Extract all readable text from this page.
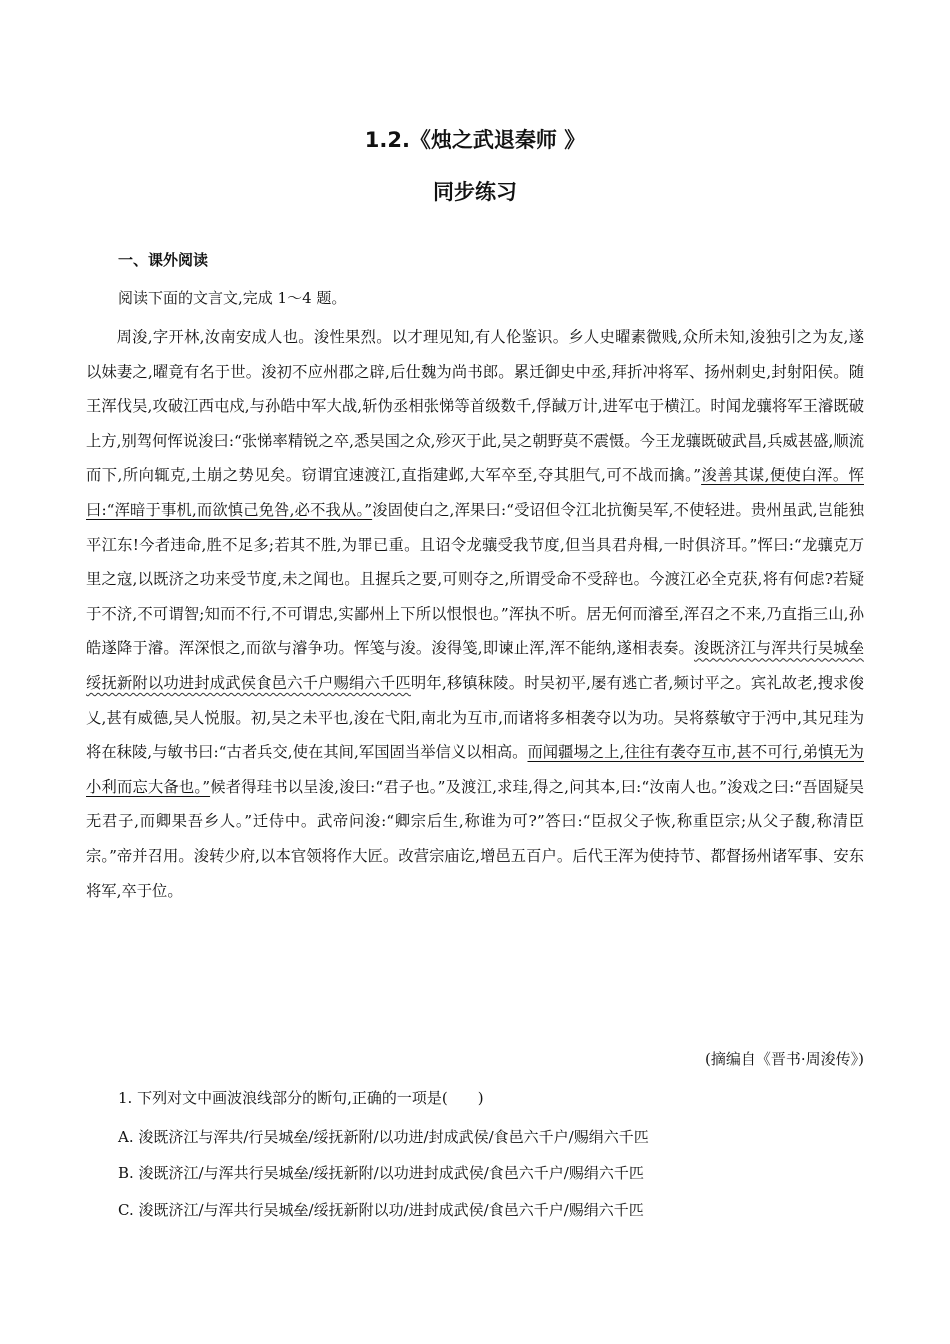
1.2.《烛之武退秦师 》
同步练习
一、课外阅读
阅读下面的文言文,完成 1～4 题。

周浚,字开林,汝南安成人也。浚性果烈。以才理见知,有人伦鉴识。乡人史曜素微贱,众所未知,浚独引之为友,遂以妹妻之,曜竟有名于世。浚初不应州郡之辟,后仕魏为尚书郎。累迁御史中丞,拜折冲将军、扬州刺史,封射阳侯。随王浑伐吴,攻破江西屯戍,与孙皓中军大战,斩伪丞相张悌等首级数千,俘馘万计,进军屯于横江。时闻龙骧将军王濬既破上方,别驾何恽说浚曰:“张悌率精锐之卒,悉吴国之众,殄灭于此,吴之朝野莫不震慑。今王龙骧既破武昌,兵威甚盛,顺流而下,所向辄克,土崩之势见矣。窃谓宜速渡江,直指建邺,大军卒至,夺其胆气,可不战而擒。”浚善其谋,便使白浑。恽曰:“浑暗于事机,而欲慎己免咎,必不我从。”浚固使白之,浑果曰:“受诏但令江北抗衡吴军,不使轻进。贵州虽武,岂能独平江东!今者违命,胜不足多;若其不胜,为罪已重。且诏令龙骧受我节度,但当具君舟楫,一时俱济耳。”恽曰:“龙骧克万里之寇,以既济之功来受节度,未之闻也。且握兵之要,可则夺之,所谓受命不受辞也。今渡江必全克获,将有何虑?若疑于不济,不可谓智;知而不行,不可谓忠,实鄙州上下所以恨恨也。”浑执不听。居无何而濬至,浑召之不来,乃直指三山,孙皓遂降于濬。浑深恨之,而欲与濬争功。恽笺与浚。浚得笺,即谏止浑,浑不能纳,遂相表奏。浚既济江与浑共行吴城垒绥抚新附以功进封成武侯食邑六千户赐绢六千匹明年,移镇秣陵。时吴初平,屡有逃亡者,频讨平之。宾礼故老,搜求俊乂,甚有威德,吴人悦服。初,吴之未平也,浚在弋阳,南北为互市,而诸将多相袭夺以为功。吴将蔡敏守于沔中,其兄珪为将在秣陵,与敏书曰:“古者兵交,使在其间,军国固当举信义以相高。而闻疆埸之上,往往有袭夺互市,甚不可行,弟慎无为小利而忘大备也。”候者得珪书以呈浚,浚曰:“君子也。”及渡江,求珪,得之,问其本,曰:“汝南人也。”浚戏之曰:“吾固疑吴无君子,而卿果吾乡人。”迁侍中。武帝问浚:“卿宗后生,称谁为可?”答曰:“臣叔父子恢,称重臣宗;从父子馥,称清臣宗。”帝并召用。浚转少府,以本官领将作大匠。改营宗庙讫,增邑五百户。后代王浑为使持节、都督扬州诸军事、安东将军,卒于位。

(摘编自《晋书·周浚传》)
1. 下列对文中画波浪线部分的断句,正确的一项是(　　)
A. 浚既济江与浑共/行吴城垒/绥抚新附/以功进/封成武侯/食邑六千户/赐绢六千匹
B. 浚既济江/与浑共行吴城垒/绥抚新附/以功进封成武侯/食邑六千户/赐绢六千匹
C. 浚既济江/与浑共行吴城垒/绥抚新附以功/进封成武侯/食邑六千户/赐绢六千匹
